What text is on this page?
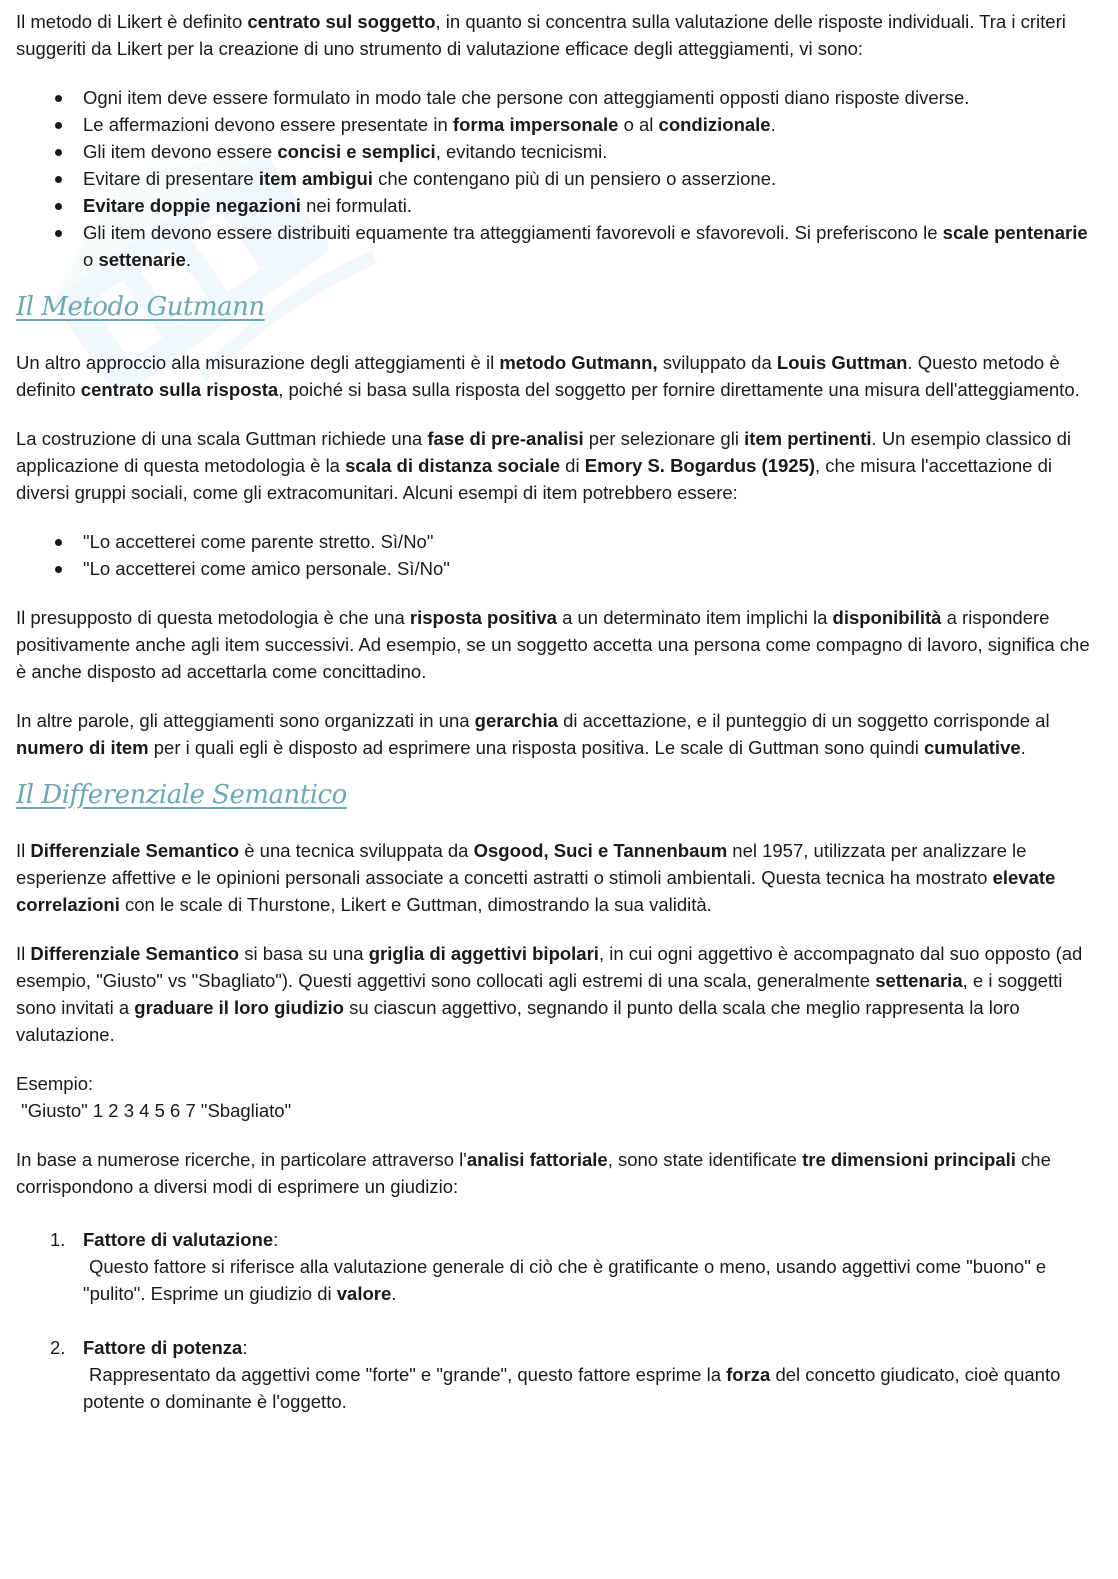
Il metodo di Likert è definito centrato sul soggetto, in quanto si concentra sulla valutazione delle risposte individuali. Tra i criteri suggeriti da Likert per la creazione di uno strumento di valutazione efficace degli atteggiamenti, vi sono:

Ogni item deve essere formulato in modo tale che persone con atteggiamenti opposti diano risposte diverse.
Le affermazioni devono essere presentate in forma impersonale o al condizionale.
Gli item devono essere concisi e semplici, evitando tecnicismi.
Evitare di presentare item ambigui che contengano più di un pensiero o asserzione.
Evitare doppie negazioni nei formulati.
Gli item devono essere distribuiti equamente tra atteggiamenti favorevoli e sfavorevoli. Si preferiscono le scale pentenarie o settenarie.
Il Metodo Gutmann

Un altro approccio alla misurazione degli atteggiamenti è il metodo Gutmann, sviluppato da Louis Guttman. Questo metodo è definito centrato sulla risposta, poiché si basa sulla risposta del soggetto per fornire direttamente una misura dell'atteggiamento.

La costruzione di una scala Guttman richiede una fase di pre-analisi per selezionare gli item pertinenti. Un esempio classico di applicazione di questa metodologia è la scala di distanza sociale di Emory S. Bogardus (1925), che misura l'accettazione di diversi gruppi sociali, come gli extracomunitari. Alcuni esempi di item potrebbero essere:

"Lo accetterei come parente stretto. Sì/No"
"Lo accetterei come amico personale. Sì/No"

Il presupposto di questa metodologia è che una risposta positiva a un determinato item implichi la disponibilità a rispondere positivamente anche agli item successivi. Ad esempio, se un soggetto accetta una persona come compagno di lavoro, significa che è anche disposto ad accettarla come concittadino.

In altre parole, gli atteggiamenti sono organizzati in una gerarchia di accettazione, e il punteggio di un soggetto corrisponde al numero di item per i quali egli è disposto ad esprimere una risposta positiva. Le scale di Guttman sono quindi cumulative.

Il Differenziale Semantico

Il Differenziale Semantico è una tecnica sviluppata da Osgood, Suci e Tannenbaum nel 1957, utilizzata per analizzare le esperienze affettive e le opinioni personali associate a concetti astratti o stimoli ambientali. Questa tecnica ha mostrato elevate correlazioni con le scale di Thurstone, Likert e Guttman, dimostrando la sua validità.

Il Differenziale Semantico si basa su una griglia di aggettivi bipolari, in cui ogni aggettivo è accompagnato dal suo opposto (ad esempio, "Giusto" vs "Sbagliato"). Questi aggettivi sono collocati agli estremi di una scala, generalmente settenaria, e i soggetti sono invitati a graduare il loro giudizio su ciascun aggettivo, segnando il punto della scala che meglio rappresenta la loro valutazione.

Esempio:
"Giusto" 1 2 3 4 5 6 7 "Sbagliato"

In base a numerose ricerche, in particolare attraverso l'analisi fattoriale, sono state identificate tre dimensioni principali che corrispondono a diversi modi di esprimere un giudizio:

1. Fattore di valutazione:
Questo fattore si riferisce alla valutazione generale di ciò che è gratificante o meno, usando aggettivi come "buono" e "pulito". Esprime un giudizio di valore.
2. Fattore di potenza:
Rappresentato da aggettivi come "forte" e "grande", questo fattore esprime la forza del concetto giudicato, cioè quanto potente o dominante è l'oggetto.
